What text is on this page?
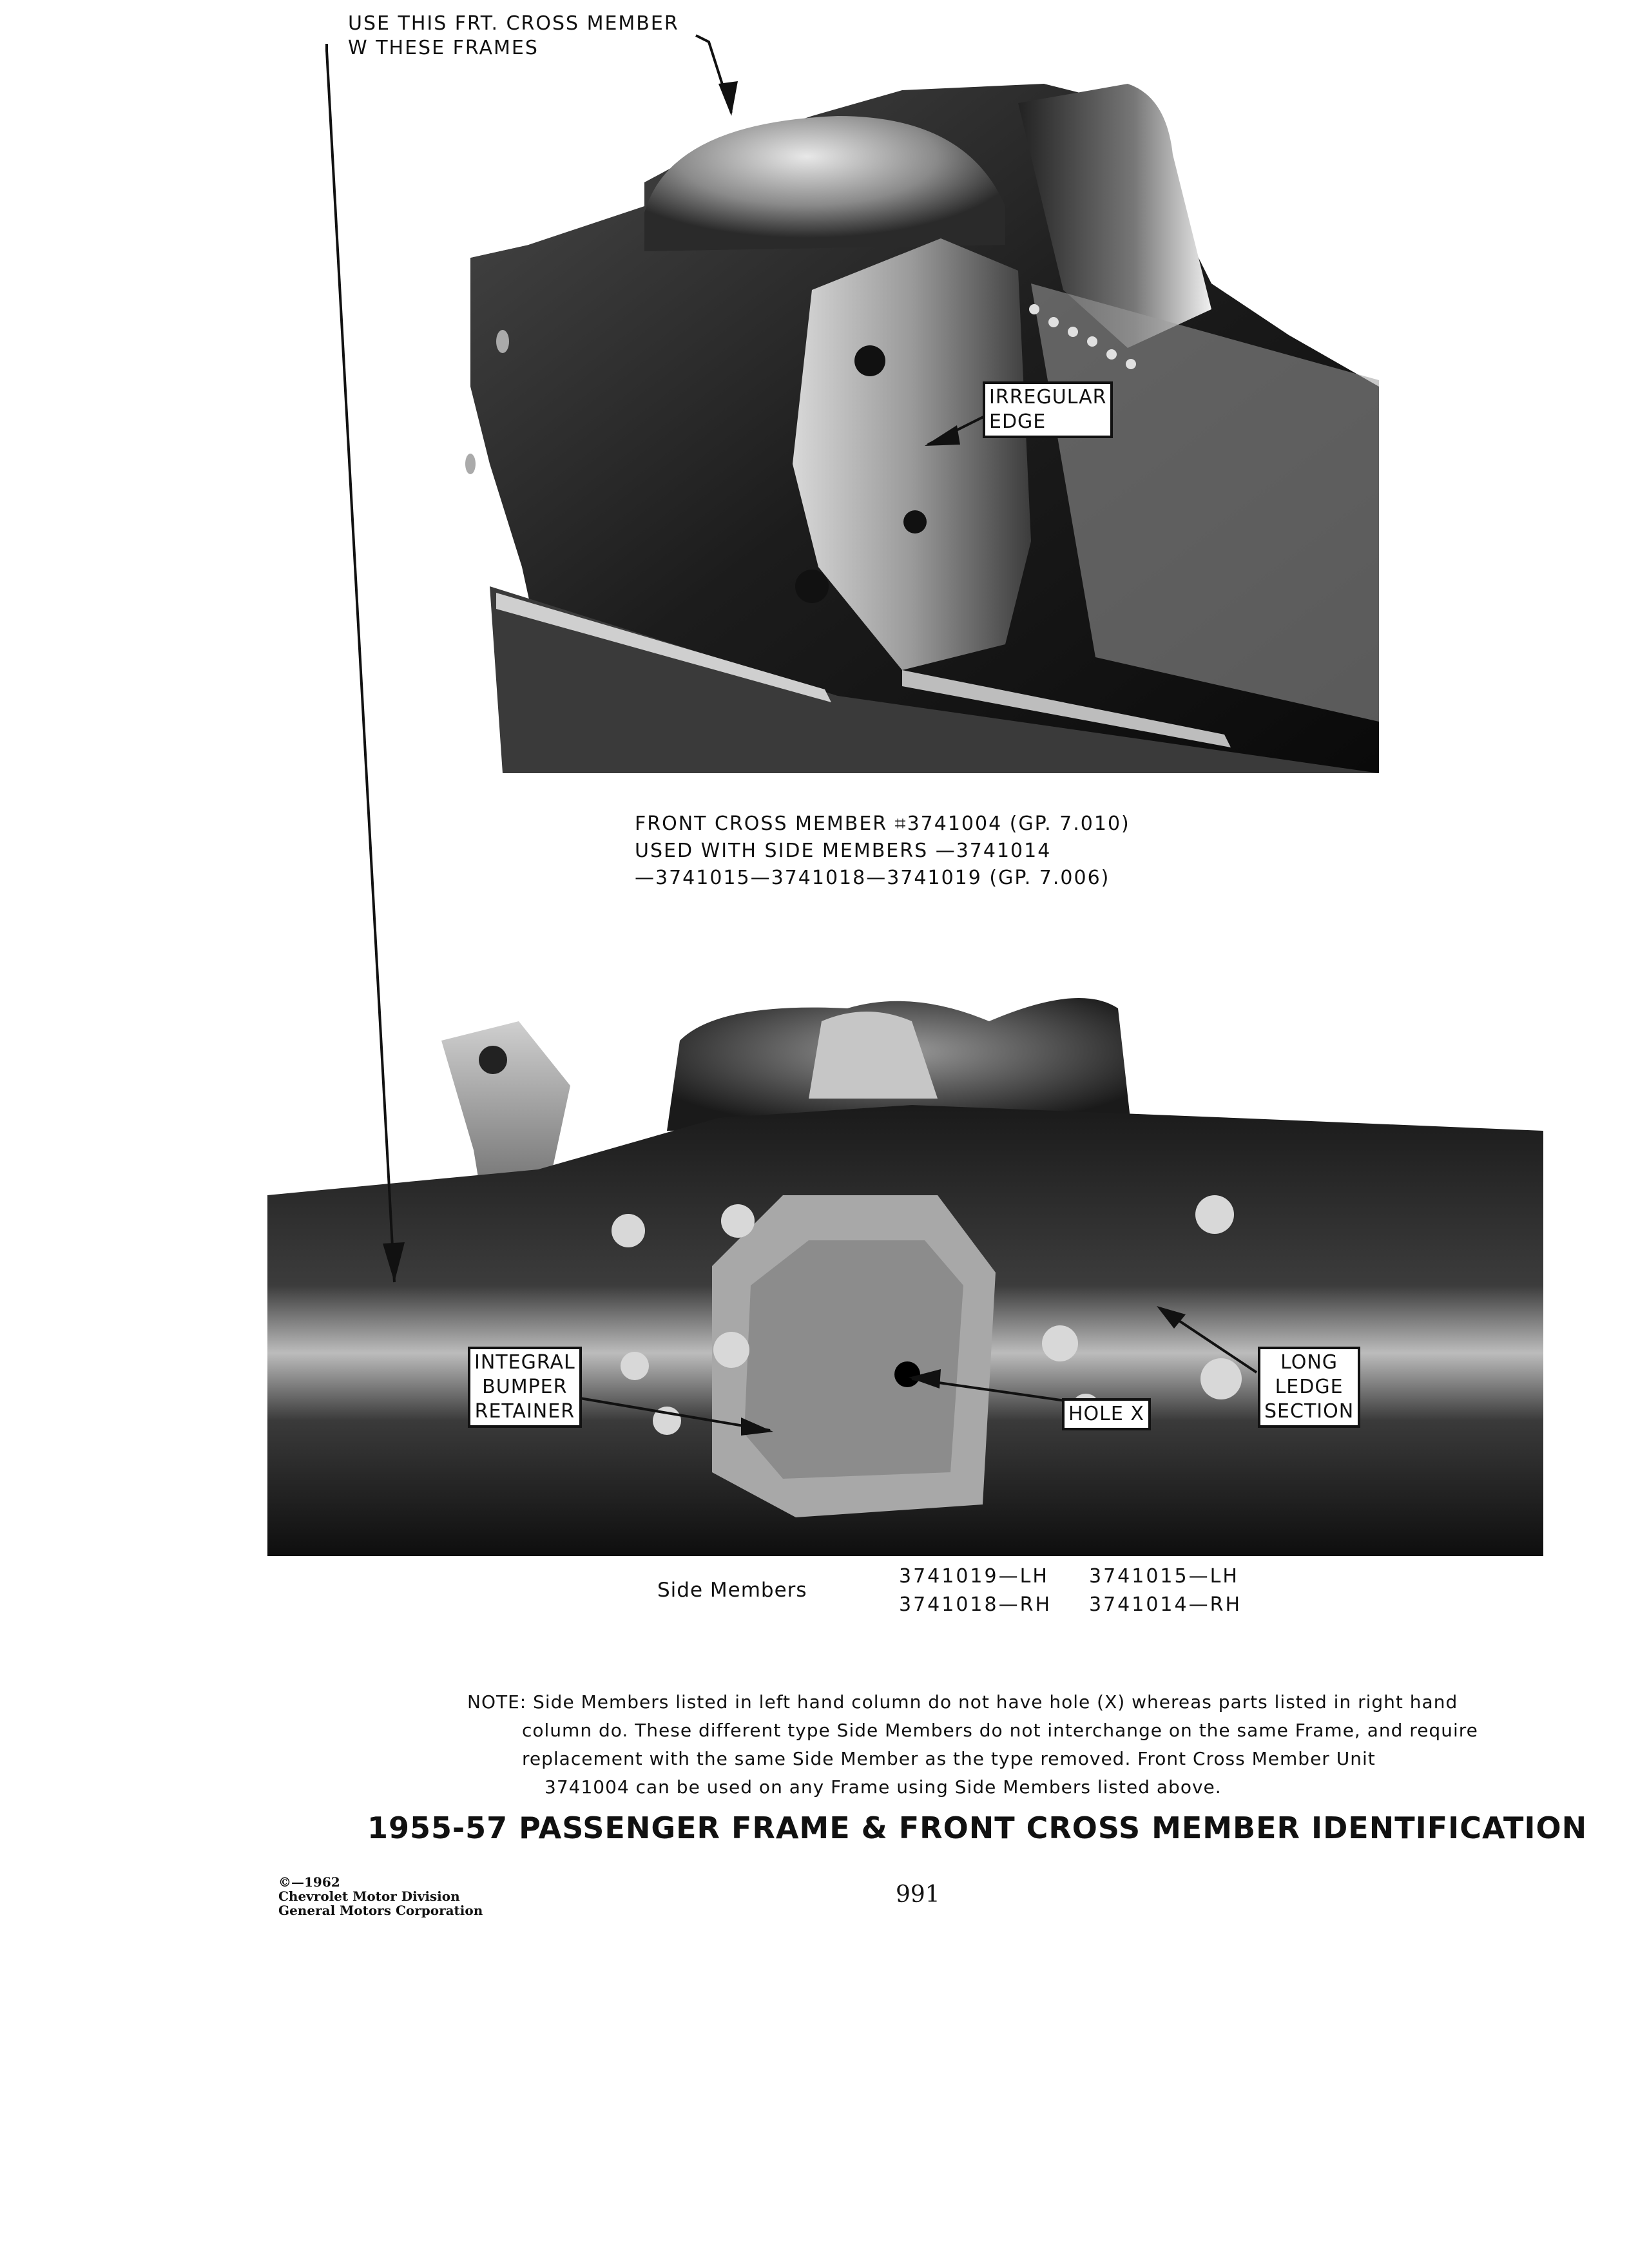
USE THIS FRT. CROSS MEMBER
W THESE FRAMES
IRREGULAR
EDGE
INTEGRAL
BUMPER
RETAINER	HOLE X
LONG
LEDGE
SECTION
FRONT CROSS MEMBER ⌗3741004 (GP. 7.010)
USED WITH SIDE MEMBERS —3741014
—3741015—3741018—3741019 (GP. 7.006)
Side Members
3741019—LH
3741018—RH
3741015—LH
3741014—RH
NOTE: Side Members listed in left hand column do not have hole (X) whereas parts listed in right hand
column do. These different type Side Members do not interchange on the same Frame, and require
replacement with the same Side Member as the type removed. Front Cross Member Unit
3741004 can be used on any Frame using Side Members listed above.
1955-57 PASSENGER FRAME & FRONT CROSS MEMBER IDENTIFICATION
©—1962
Chevrolet Motor Division
General Motors Corporation
991
